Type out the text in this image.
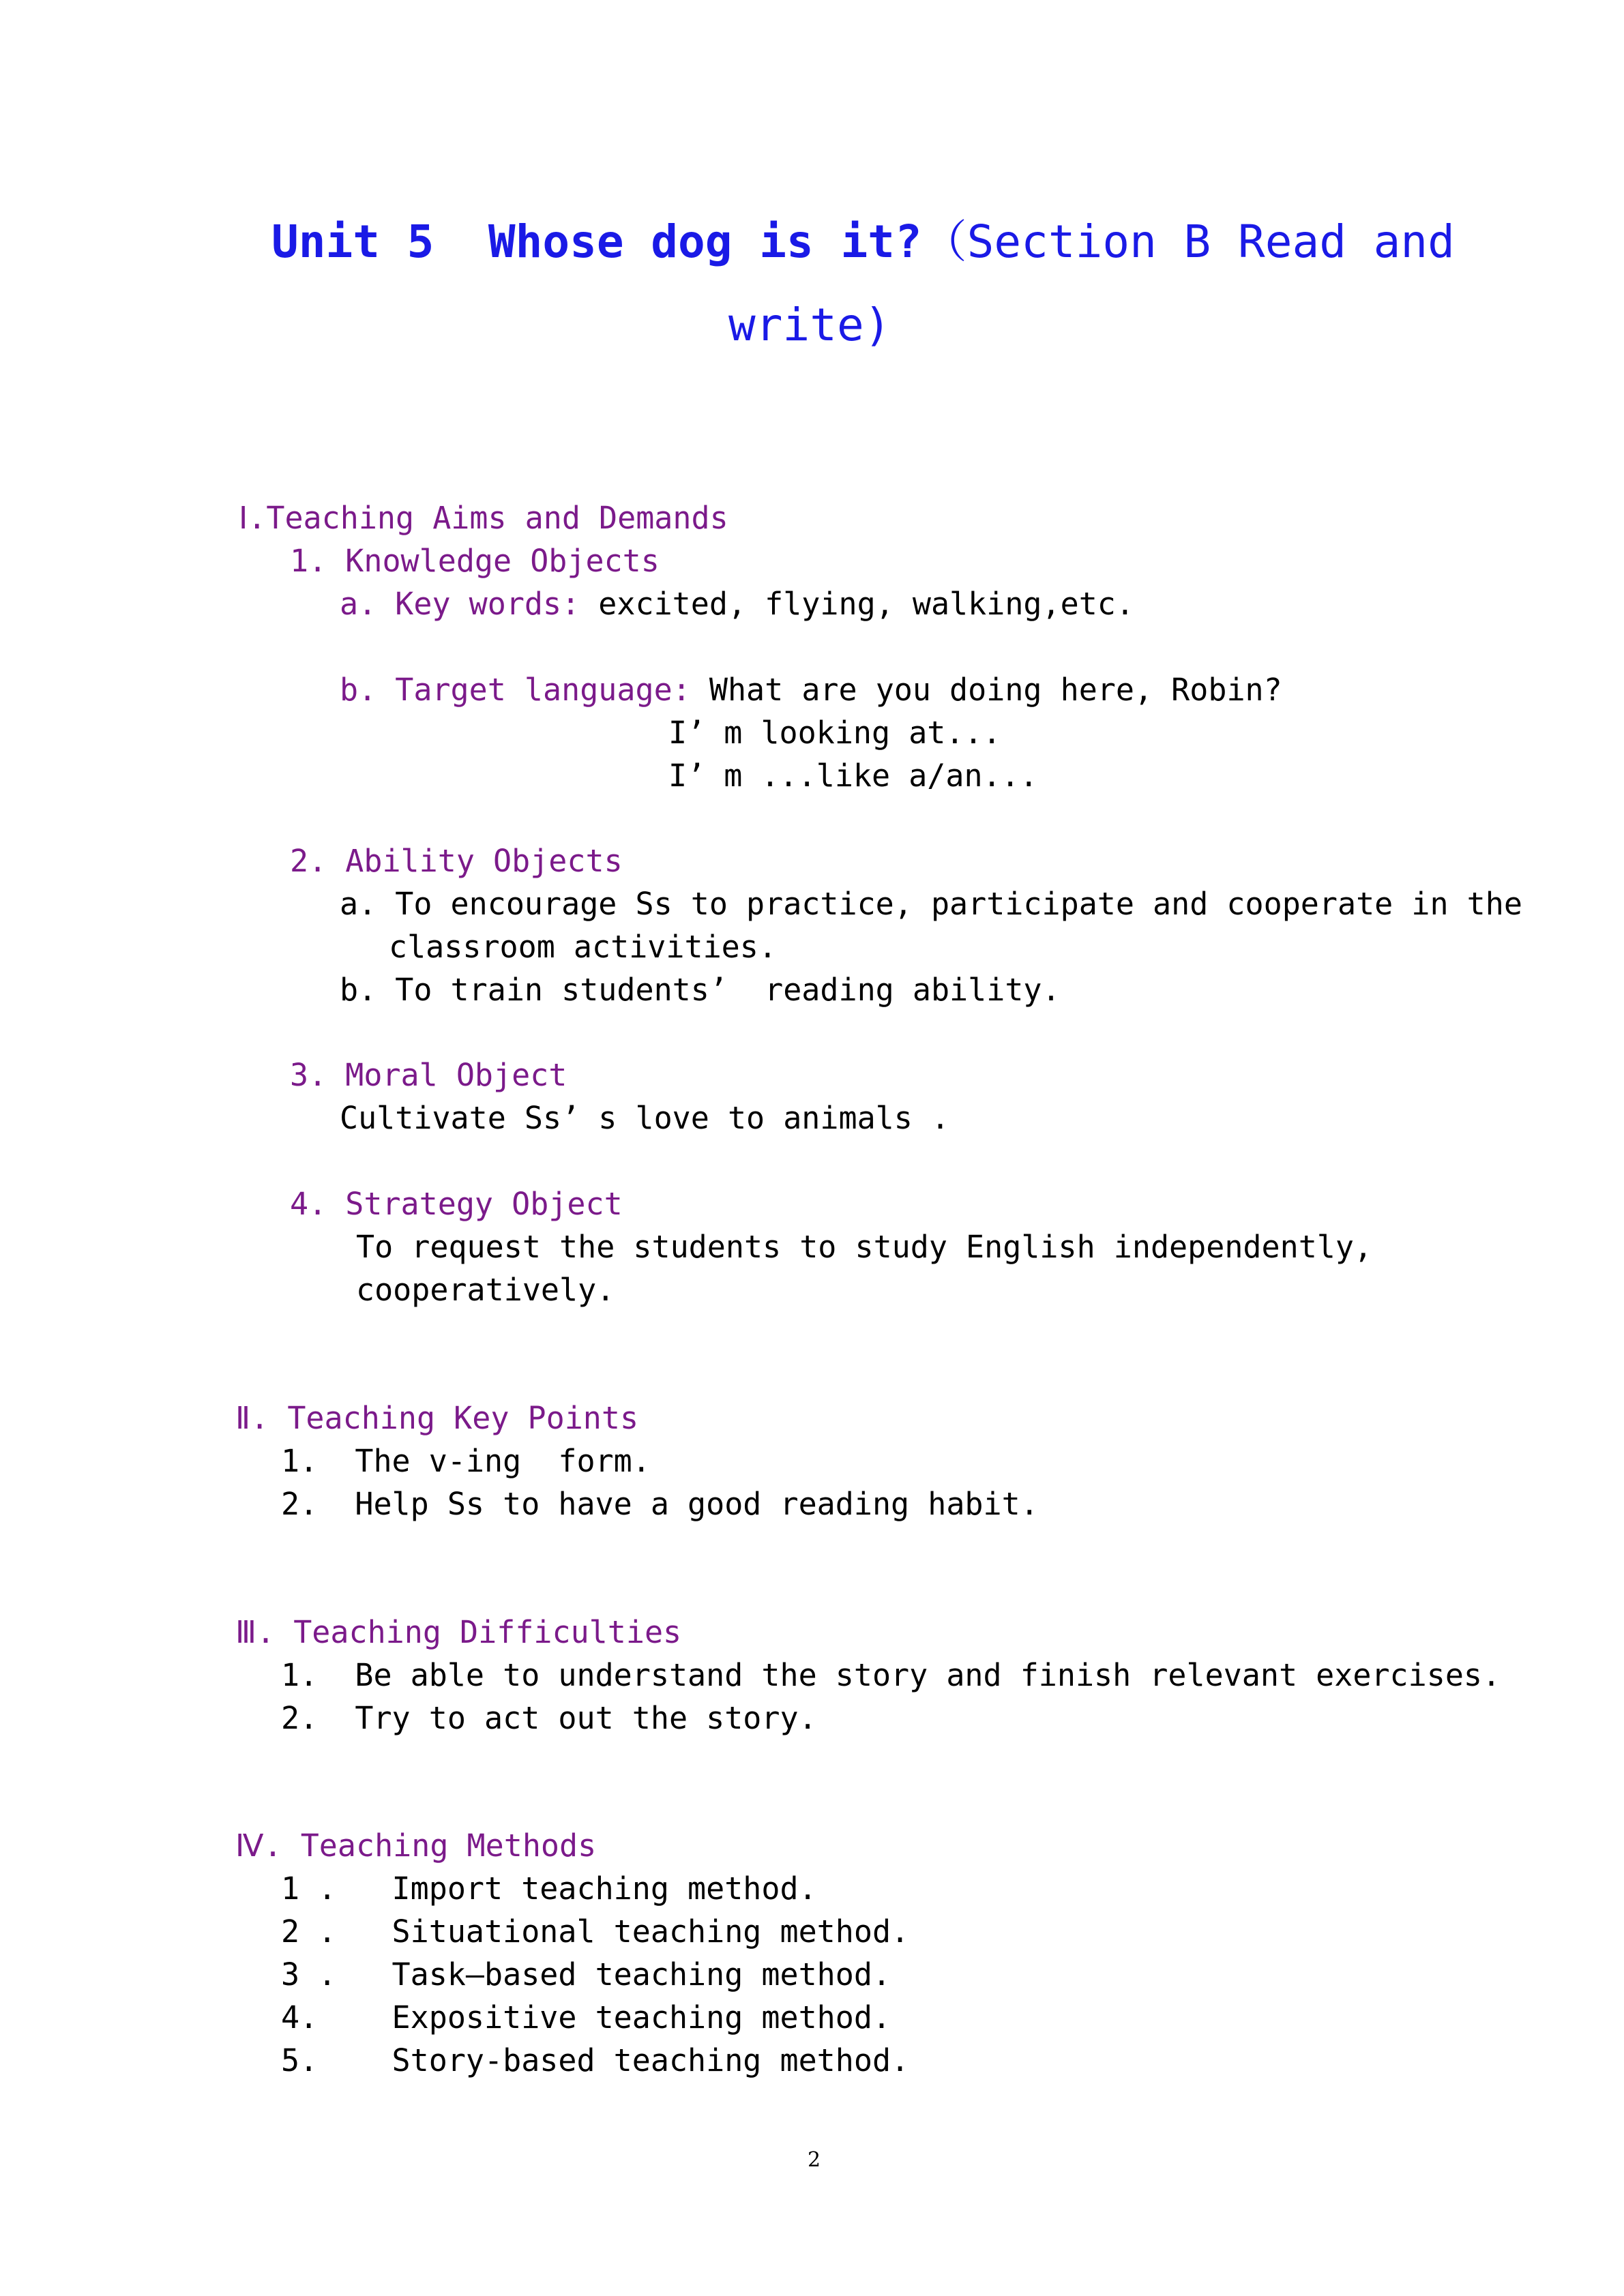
Unit 5  Whose dog is it?（Section B Read and
write)
Ⅰ.Teaching Aims and Demands
1. Knowledge Objects
a. Key words: excited, flying, walking,etc.
b. Target language: What are you doing here, Robin?
I’ m looking at...
I’ m ...like a/an...
2. Ability Objects
a. To encourage Ss to practice, participate and cooperate in the
classroom activities.
b. To train students’  reading ability.
3. Moral Object
Cultivate Ss’ s love to animals .
4. Strategy Object
To request the students to study English independently,
cooperatively.
Ⅱ. Teaching Key Points
1.  The v-ing  form.
2.  Help Ss to have a good reading habit.
Ⅲ. Teaching Difficulties
1.  Be able to understand the story and finish relevant exercises.
2.  Try to act out the story.
Ⅳ. Teaching Methods
1 .   Import teaching method.
2 .   Situational teaching method.
3 .   Task—based teaching method.
4.    Expositive teaching method.
5.    Story-based teaching method.
2
